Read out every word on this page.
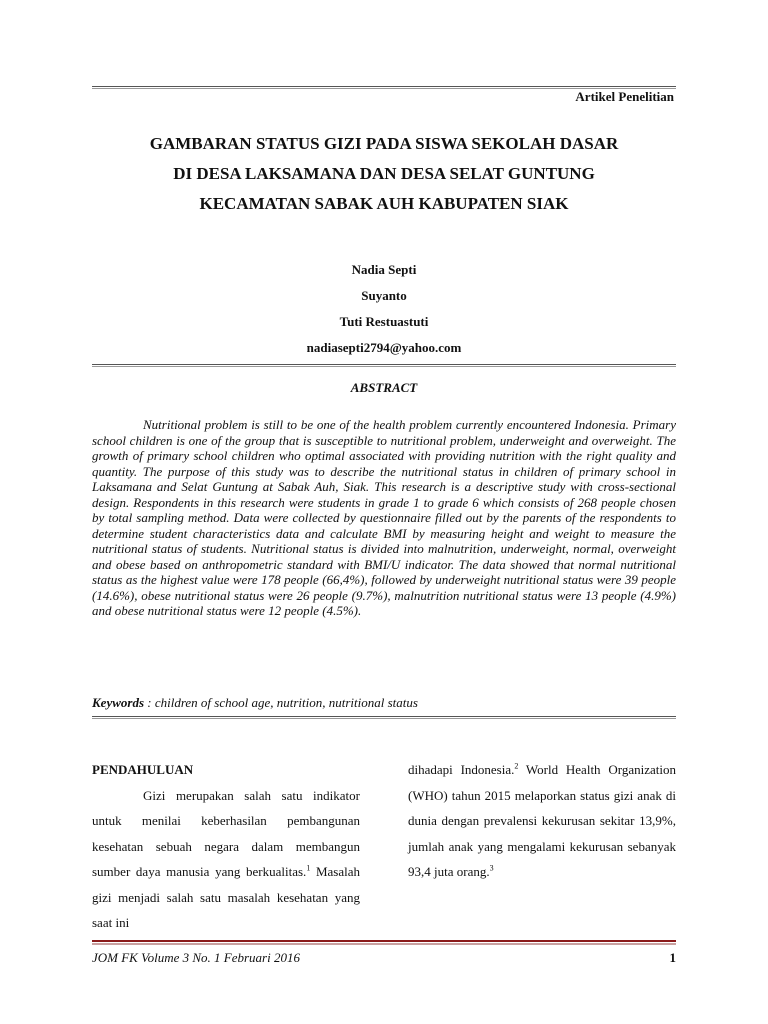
Artikel Penelitian
GAMBARAN STATUS GIZI PADA SISWA SEKOLAH DASAR
DI DESA LAKSAMANA DAN DESA SELAT GUNTUNG
KECAMATAN SABAK AUH KABUPATEN SIAK
Nadia Septi
Suyanto
Tuti Restuastuti
nadiasepti2794@yahoo.com
ABSTRACT
Nutritional problem is still to be one of the health problem currently encountered Indonesia. Primary school children is one of the group that is susceptible to nutritional problem, underweight and overweight. The growth of primary school children who optimal associated with providing nutrition with the right quality and quantity. The purpose of this study was to describe the nutritional status in children of primary school in Laksamana and Selat Guntung at Sabak Auh, Siak. This research is a descriptive study with cross-sectional design. Respondents in this research were students in grade 1 to grade 6 which consists of 268 people chosen by total sampling method. Data were collected by questionnaire filled out by the parents of the respondents to determine student characteristics data and calculate BMI by measuring height and weight to measure the nutritional status of students. Nutritional status is divided into malnutrition, underweight, normal, overweight and obese based on anthropometric standard with BMI/U indicator. The data showed that normal nutritional status as the highest value were 178 people (66,4%), followed by underweight nutritional status were 39 people (14.6%), obese nutritional status were 26 people (9.7%), malnutrition nutritional status were 13 people (4.9%) and obese nutritional status were 12 people (4.5%).
Keywords : children of school age, nutrition, nutritional status

PENDAHULUAN

Gizi merupakan salah satu indikator untuk menilai keberhasilan pembangunan kesehatan sebuah negara dalam membangun sumber daya manusia yang berkualitas.$^1$ Masalah gizi menjadi salah satu masalah kesehatan yang saat ini

dihadapi Indonesia.$^2$ World Health Organization (WHO) tahun 2015 melaporkan status gizi anak di dunia dengan prevalensi kekurusan sekitar 13,9%, jumlah anak yang mengalami kekurusan sebanyak 93,4 juta orang.$^3$

JOM FK Volume 3 No. 1 Februari 2016	1
